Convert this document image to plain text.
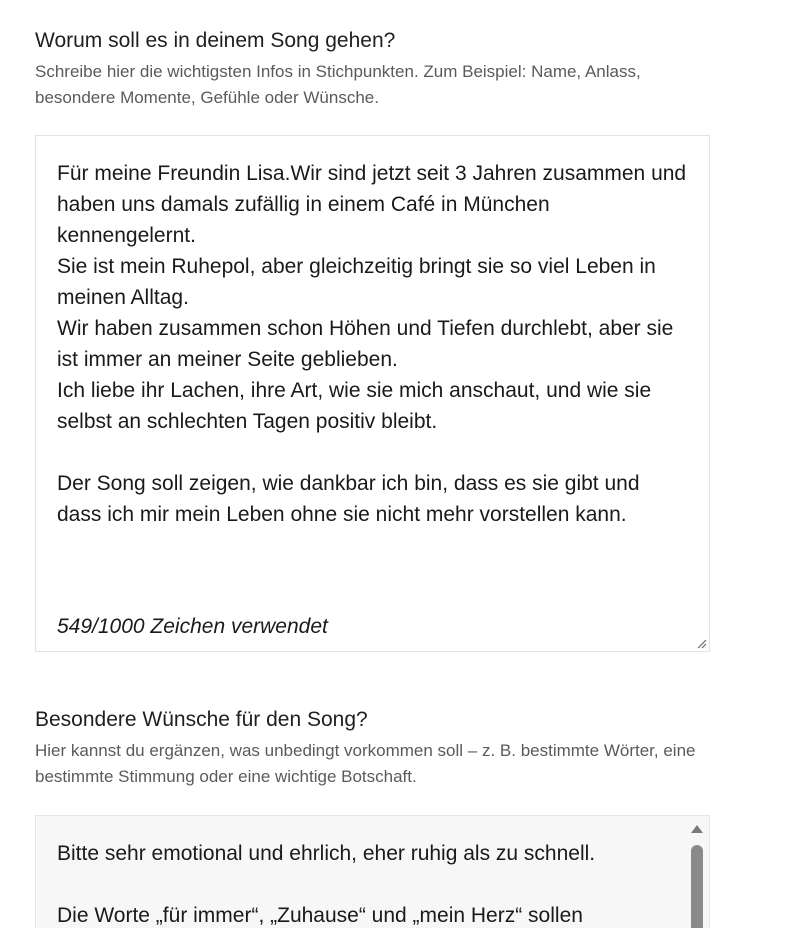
Worum soll es in deinem Song gehen?

Schreibe hier die wichtigsten Infos in Stichpunkten. Zum Beispiel: Name, Anlass, besondere Momente, Gefühle oder Wünsche.

Für meine Freundin Lisa.Wir sind jetzt seit 3 Jahren zusammen und haben uns damals zufällig in einem Café in München kennengelernt.
Sie ist mein Ruhepol, aber gleichzeitig bringt sie so viel Leben in meinen Alltag.
Wir haben zusammen schon Höhen und Tiefen durchlebt, aber sie ist immer an meiner Seite geblieben.
Ich liebe ihr Lachen, ihre Art, wie sie mich anschaut, und wie sie selbst an schlechten Tagen positiv bleibt.

Der Song soll zeigen, wie dankbar ich bin, dass es sie gibt und dass ich mir mein Leben ohne sie nicht mehr vorstellen kann.

549/1000 Zeichen verwendet

Besondere Wünsche für den Song?

Hier kannst du ergänzen, was unbedingt vorkommen soll – z. B. bestimmte Wörter, eine bestimmte Stimmung oder eine wichtige Botschaft.

Bitte sehr emotional und ehrlich, eher ruhig als zu schnell.

Die Worte „für immer“, „Zuhause“ und „mein Herz“ sollen
